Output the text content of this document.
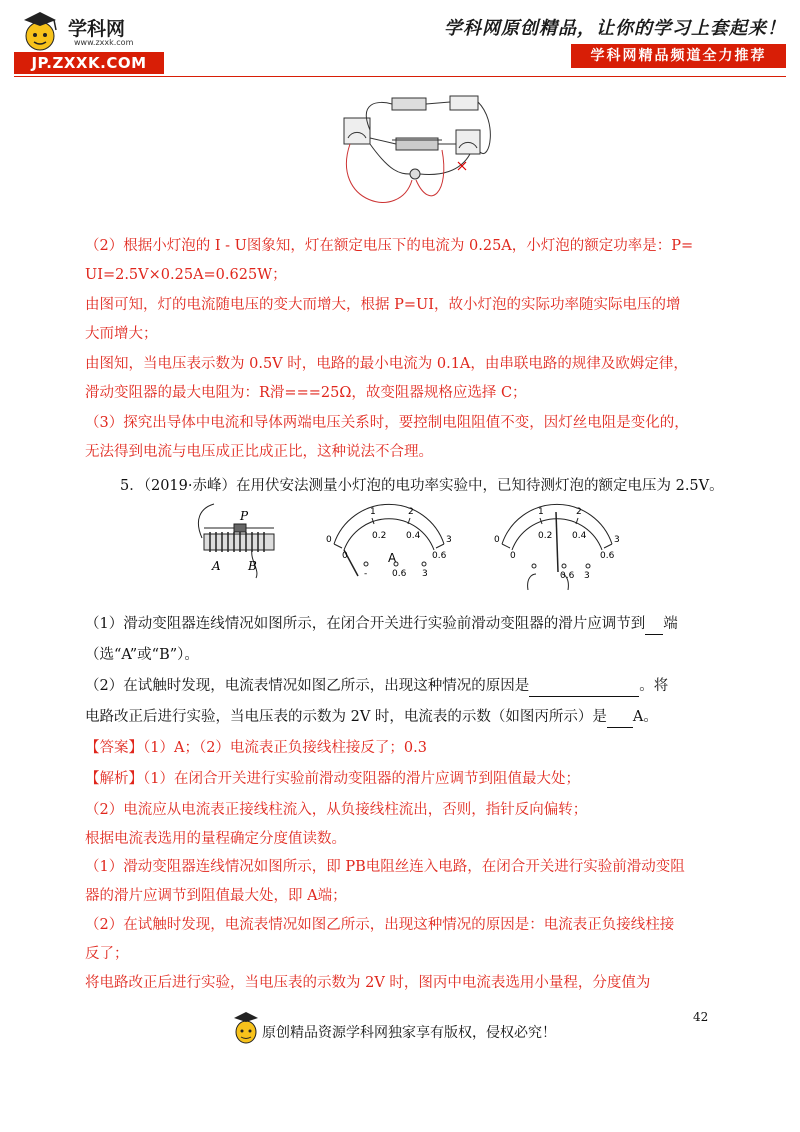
学科网
www.zxxk.com
JP.ZXXK.COM
学科网原创精品，让你的学习上套起来！
学科网精品频道全力推荐
（2）根据小灯泡的 I - U图象知，灯在额定电压下的电流为 0.25A，小灯泡的额定功率是：P=
UI=2.5V×0.25A=0.625W；
由图可知，灯的电流随电压的变大而增大，根据 P=UI，故小灯泡的实际功率随实际电压的增
大而增大；
由图知，当电压表示数为 0.5V 时，电路的最小电流为 0.1A，由串联电路的规律及欧姆定律，
滑动变阻器的最大电阻为：R滑===25Ω，故变阻器规格应选择 C；
（3）探究出导体中电流和导体两端电压关系时，要控制电阻阻值不变，因灯丝电阻是变化的，
无法得到电流与电压成正比成正比，这种说法不合理。
5．（2019·赤峰）在用伏安法测量小灯泡的电功率实验中，已知待测灯泡的额定电压为 2.5V。
P
A B
0
1	2
3
0
0.2 0.4
0.6
A
-	0.6 3
0
1	2
3
0
0.2 0.4
0.6
0.6 3
（1）滑动变阻器连线情况如图所示，在闭合开关进行实验前滑动变阻器的滑片应调节到 端
（选“A”或“B”）。
（2）在试触时发现，电流表情况如图乙所示，出现这种情况的原因是	。将
电路改正后进行实验，当电压表的示数为 2V 时，电流表的示数（如图丙所示）是 A。
【答案】（1）A；（2）电流表正负接线柱接反了；0.3
【解析】（1）在闭合开关进行实验前滑动变阻器的滑片应调节到阻值最大处；
（2）电流应从电流表正接线柱流入，从负接线柱流出，否则，指针反向偏转；
根据电流表选用的量程确定分度值读数。
（1）滑动变阻器连线情况如图所示，即 PB电阻丝连入电路，在闭合开关进行实验前滑动变阻
器的滑片应调节到阻值最大处，即 A端；
（2）在试触时发现，电流表情况如图乙所示，出现这种情况的原因是：电流表正负接线柱接
反了；
将电路改正后进行实验，当电压表的示数为 2V 时，图丙中电流表选用小量程，分度值为
42
原创精品资源学科网独家享有版权，侵权必究！
